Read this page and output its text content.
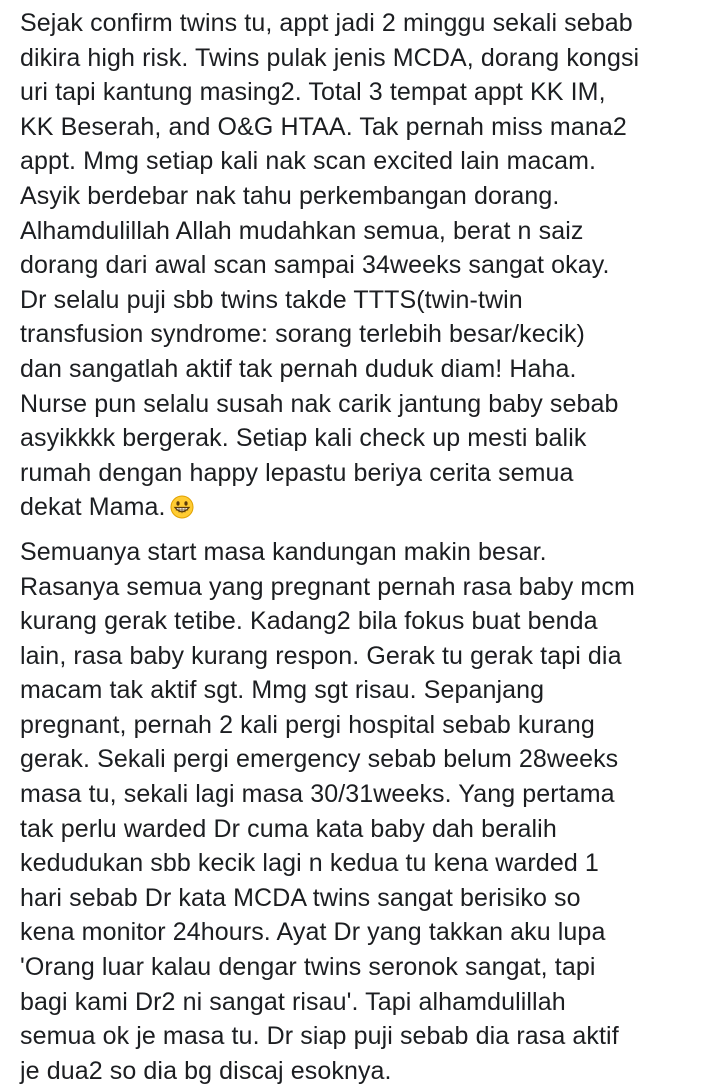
Sejak confirm twins tu, appt jadi 2 minggu sekali sebab
dikira high risk. Twins pulak jenis MCDA, dorang kongsi
uri tapi kantung masing2. Total 3 tempat appt KK IM,
KK Beserah, and O&G HTAA. Tak pernah miss mana2
appt. Mmg setiap kali nak scan excited lain macam.
Asyik berdebar nak tahu perkembangan dorang.
Alhamdulillah Allah mudahkan semua, berat n saiz
dorang dari awal scan sampai 34weeks sangat okay.
Dr selalu puji sbb twins takde TTTS(twin-twin
transfusion syndrome: sorang terlebih besar/kecik)
dan sangatlah aktif tak pernah duduk diam! Haha.
Nurse pun selalu susah nak carik jantung baby sebab
asyikkkk bergerak. Setiap kali check up mesti balik
rumah dengan happy lepastu beriya cerita semua
dekat Mama.

Semuanya start masa kandungan makin besar.
Rasanya semua yang pregnant pernah rasa baby mcm
kurang gerak tetibe. Kadang2 bila fokus buat benda
lain, rasa baby kurang respon. Gerak tu gerak tapi dia
macam tak aktif sgt. Mmg sgt risau. Sepanjang
pregnant, pernah 2 kali pergi hospital sebab kurang
gerak. Sekali pergi emergency sebab belum 28weeks
masa tu, sekali lagi masa 30/31weeks. Yang pertama
tak perlu warded Dr cuma kata baby dah beralih
kedudukan sbb kecik lagi n kedua tu kena warded 1
hari sebab Dr kata MCDA twins sangat berisiko so
kena monitor 24hours. Ayat Dr yang takkan aku lupa
'Orang luar kalau dengar twins seronok sangat, tapi
bagi kami Dr2 ni sangat risau'. Tapi alhamdulillah
semua ok je masa tu. Dr siap puji sebab dia rasa aktif
je dua2 so dia bg discaj esoknya.
